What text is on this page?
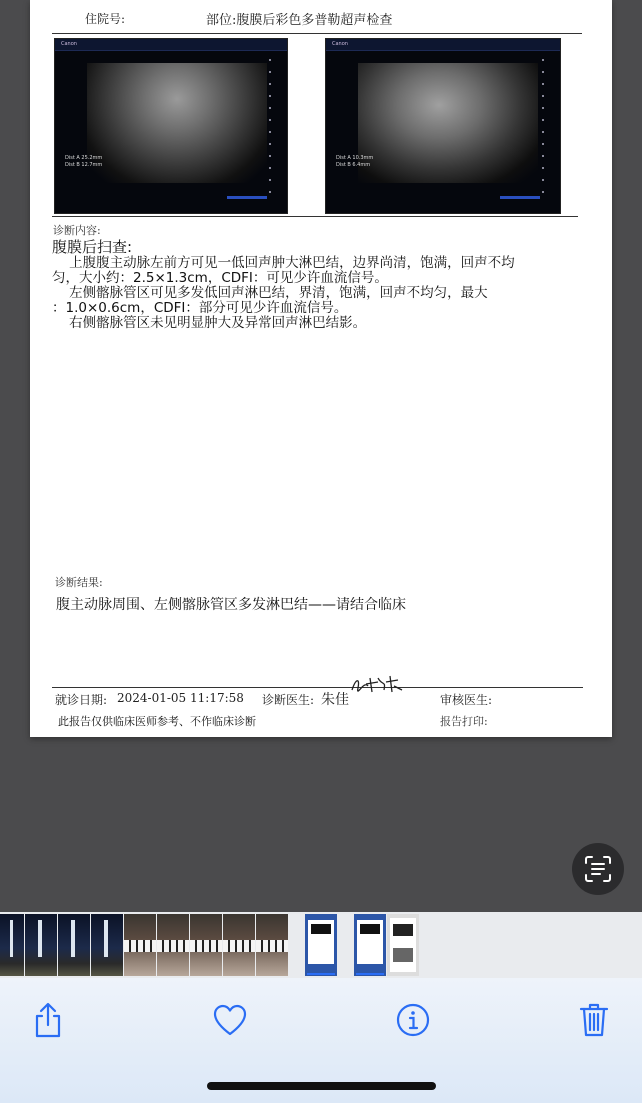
住院号:	部位:腹膜后彩色多普勒超声检查
Canon
Dist A 25.2mm
Dist B 12.7mm
Canon
Dist A 10.3mm
Dist B 6.4mm
诊断内容:
腹膜后扫查:

上腹腹主动脉左前方可见一低回声肿大淋巴结，边界尚清，饱满，回声不均

匀，大小约：2.5×1.3cm，CDFI：可见少许血流信号。

左侧髂脉管区可见多发低回声淋巴结，界清，饱满，回声不均匀，最大

：1.0×0.6cm，CDFI：部分可见少许血流信号。

右侧髂脉管区未见明显肿大及异常回声淋巴结影。

诊断结果:
腹主动脉周围、左侧髂脉管区多发淋巴结——请结合临床
就诊日期: 2024-01-05 11:17:58 诊断医生: 朱佳	审核医生:
此报告仅供临床医师参考、不作临床诊断	报告打印:
